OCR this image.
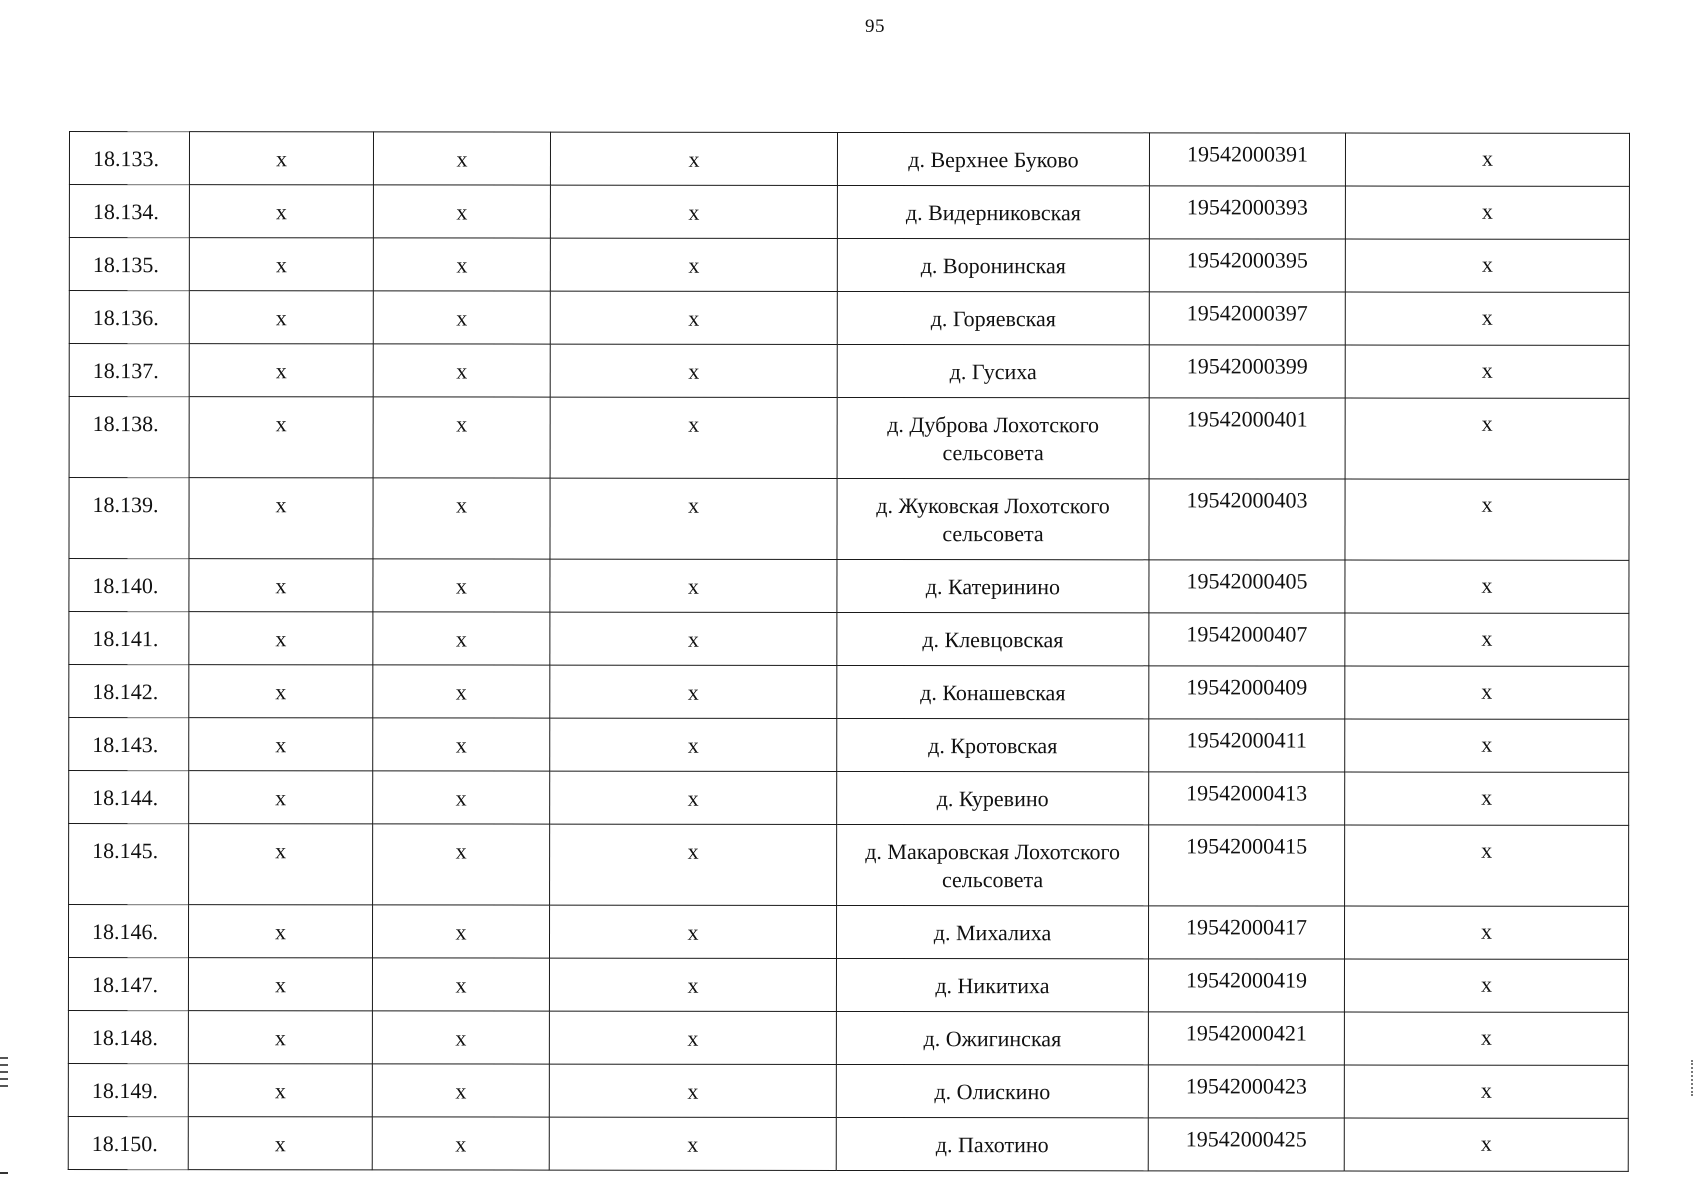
95
18.133.	x	x	x	д. Верхнее Буково	19542000391	x
18.134.	x	x	x	д. Видерниковская	19542000393	x
18.135.	x	x	x	д. Воронинская	19542000395	x
18.136.	x	x	x	д. Горяевская	19542000397	x
18.137.	x	x	x	д. Гусиха	19542000399	x
18.138.	x	x	x	д. Дуброва Лохотского сельсовета	19542000401	x
18.139.	x	x	x	д. Жуковская Лохотского сельсовета	19542000403	x
18.140.	x	x	x	д. Катеринино	19542000405	x
18.141.	x	x	x	д. Клевцовская	19542000407	x
18.142.	x	x	x	д. Конашевская	19542000409	x
18.143.	x	x	x	д. Кротовская	19542000411	x
18.144.	x	x	x	д. Куревино	19542000413	x
18.145.	x	x	x	д. Макаровская Лохотского сельсовета	19542000415	x
18.146.	x	x	x	д. Михалиха	19542000417	x
18.147.	x	x	x	д. Никитиха	19542000419	x
18.148.	x	x	x	д. Ожигинская	19542000421	x
18.149.	x	x	x	д. Олискино	19542000423	x
18.150.	x	x	x	д. Пахотино	19542000425	x
